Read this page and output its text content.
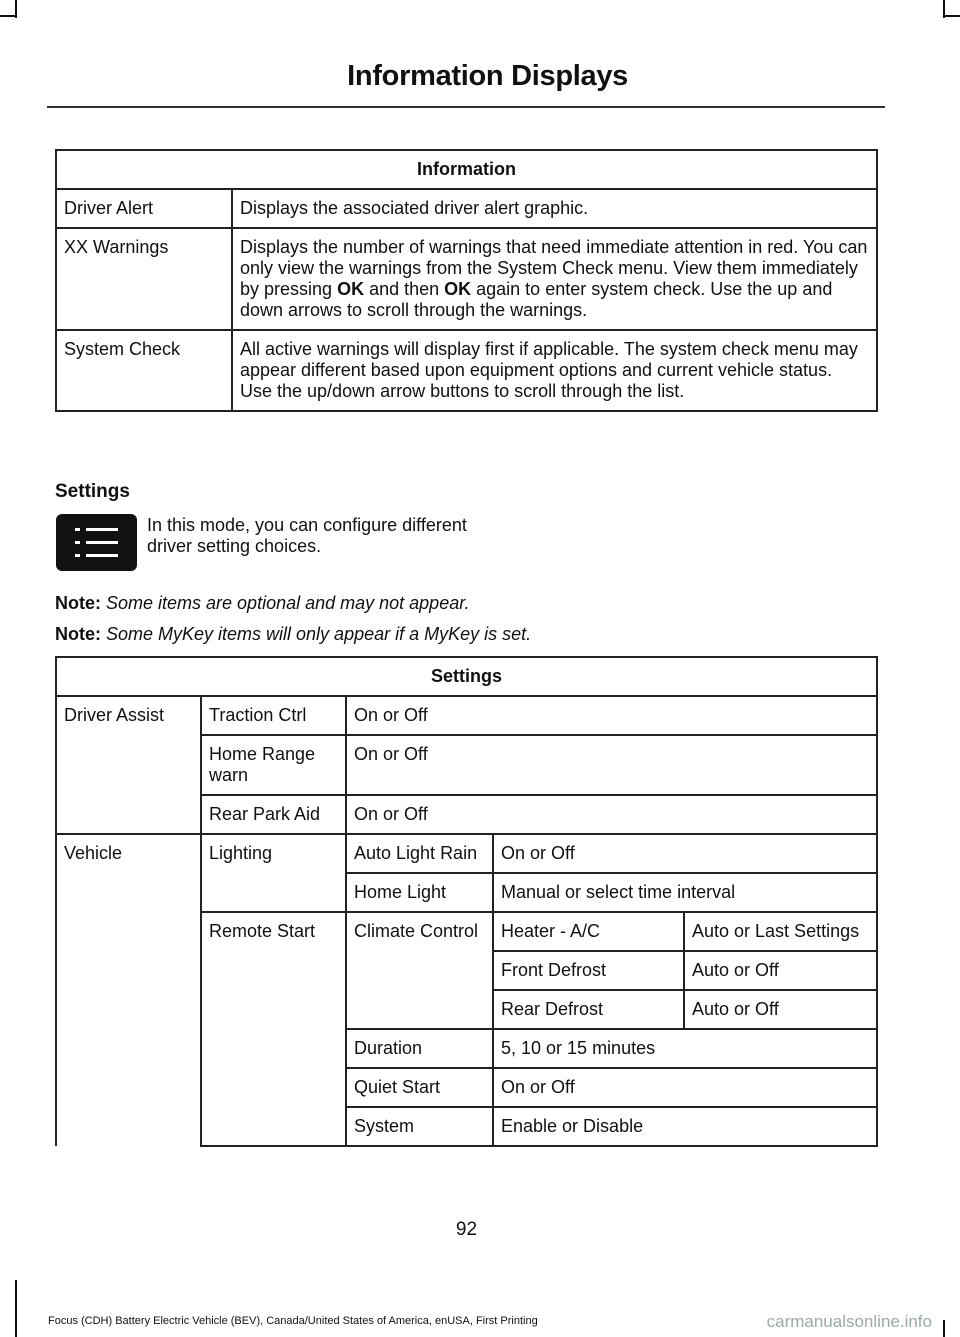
Information Displays
Information	
Driver Alert	Displays the associated driver alert graphic.
XX Warnings	Displays the number of warnings that need immediate attention in red. You can only view the warnings from the System Check menu. View them immediately by pressing OK and then OK again to enter system check. Use the up and down arrows to scroll through the warnings.
System Check	All active warnings will display first if applicable. The system check menu may appear different based upon equipment options and current vehicle status. Use the up/down arrow buttons to scroll through the list.
Settings
In this mode, you can configure different driver setting choices.
Note: Some items are optional and may not appear.
Note: Some MyKey items will only appear if a MyKey is set.
Settings				
Driver Assist	Traction Ctrl	On or Off		
	Home Range warn	On or Off		
	Rear Park Aid	On or Off		
Vehicle	Lighting	Auto Light Rain	On or Off	
		Home Light	Manual or select time interval	
	Remote Start	Climate Control	Heater - A/C	Auto or Last Settings
			Front Defrost	Auto or Off
			Rear Defrost	Auto or Off
		Duration	5, 10 or 15 minutes	
		Quiet Start	On or Off	
		System	Enable or Disable	
92
Focus (CDH) Battery Electric Vehicle (BEV), Canada/United States of America, enUSA, First Printing	carmanualsonline.info
